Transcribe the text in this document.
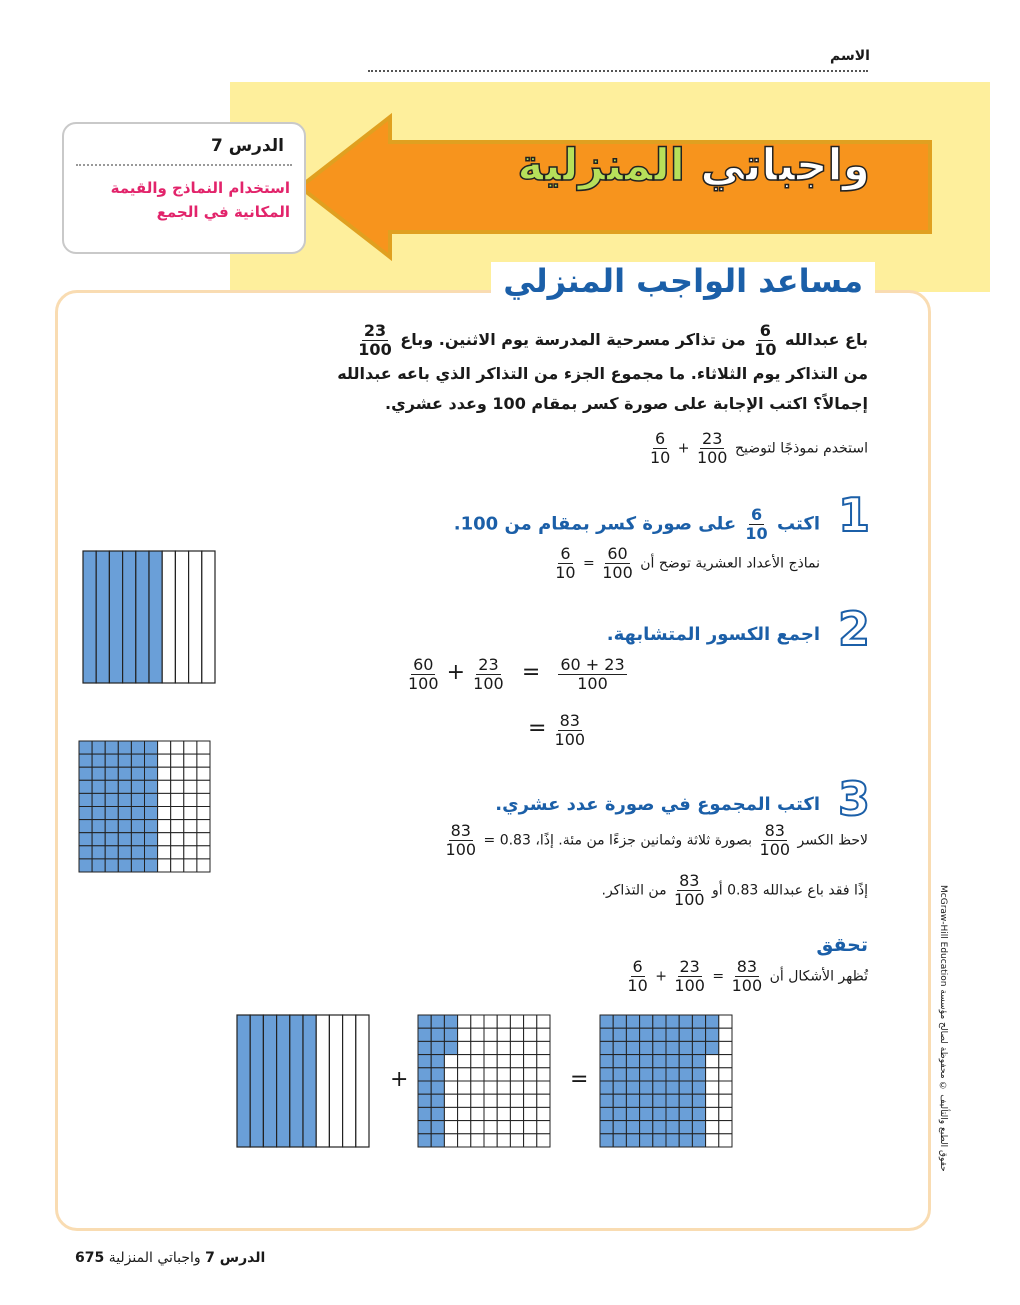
الاسم
واجباتي المنزلية
الدرس 7
استخدام النماذج والقيمة المكانية في الجمع
مساعد الواجب المنزلي
باع عبدالله
$\frac{6}{10}$
من تذاكر مسرحية المدرسة يوم الاثنين. وباع
$\frac{23}{100}$

من التذاكر يوم الثلاثاء. ما مجموع الجزء من التذاكر الذي باعه عبدالله
إجمالاً؟ اكتب الإجابة على صورة كسر بمقام 100 وعدد عشري.
استخدم نموذجًا لتوضيح
$\frac{23}{100}$
+
$\frac{6}{10}$
1
اكتب
$\frac{6}{10}$
على صورة كسر بمقام من 100.
نماذج الأعداد العشرية توضح أن
$\frac{60}{100}$
=
$\frac{6}{10}$
2
اجمع الكسور المتشابهة.
$\frac{60}{100} + \frac{23}{100} = \frac{60 + 23}{100}$
= $\frac{83}{100}$
3
اكتب المجموع في صورة عدد عشري.
لاحظ الكسر
$\frac{83}{100}$
بصورة ثلاثة وثمانين جزءًا من مئة. إذًا، 0.83 =
$\frac{83}{100}$
إذًا فقد باع عبدالله 0.83 أو
$\frac{83}{100}$
من التذاكر.
تحقق
تُظهر الأشكال أن
$\frac{83}{100}$
=
$\frac{23}{100}$
+
$\frac{6}{10}$
+	=
McGraw-Hill Education حقوق الطبع والتأليف © محفوظة لصالح مؤسسة
الدرس 7 واجباتي المنزلية 675
